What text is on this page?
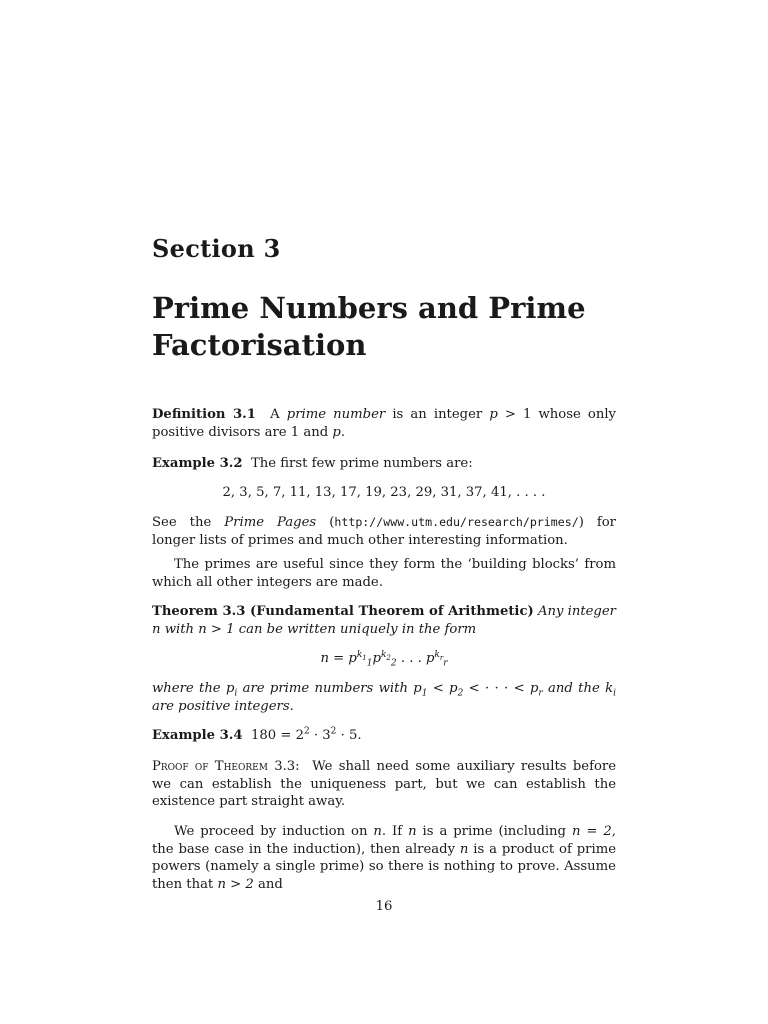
Section 3
Prime Numbers and Prime
Factorisation
Definition 3.1 A prime number is an integer p > 1 whose only positive divisors are 1 and p.
Example 3.2 The first few prime numbers are:
2, 3, 5, 7, 11, 13, 17, 19, 23, 29, 31, 37, 41, . . . .
See the Prime Pages (http://www.utm.edu/research/primes/) for longer lists of primes and much other interesting information.
The primes are useful since they form the ‘building blocks’ from which all other integers are made.
Theorem 3.3 (Fundamental Theorem of Arithmetic) Any integer n with n > 1 can be written uniquely in the form
$n = p^{k_1}_1p^{k_2}_2$ . . . $p^{k_r}_r$
where the $p_i$ are prime numbers with $p_1 < p_2$ < · · · < $p_r$ and the $k_i$ are positive integers.
Example 3.4 $180 = 2^2 \cdot 3^2 \cdot 5$.
Proof of Theorem 3.3: We shall need some auxiliary results before we can establish the uniqueness part, but we can establish the existence part straight away.
We proceed by induction on n. If n is a prime (including n = 2, the base case in the induction), then already n is a product of prime powers (namely a single prime) so there is nothing to prove. Assume then that n > 2 and
16
